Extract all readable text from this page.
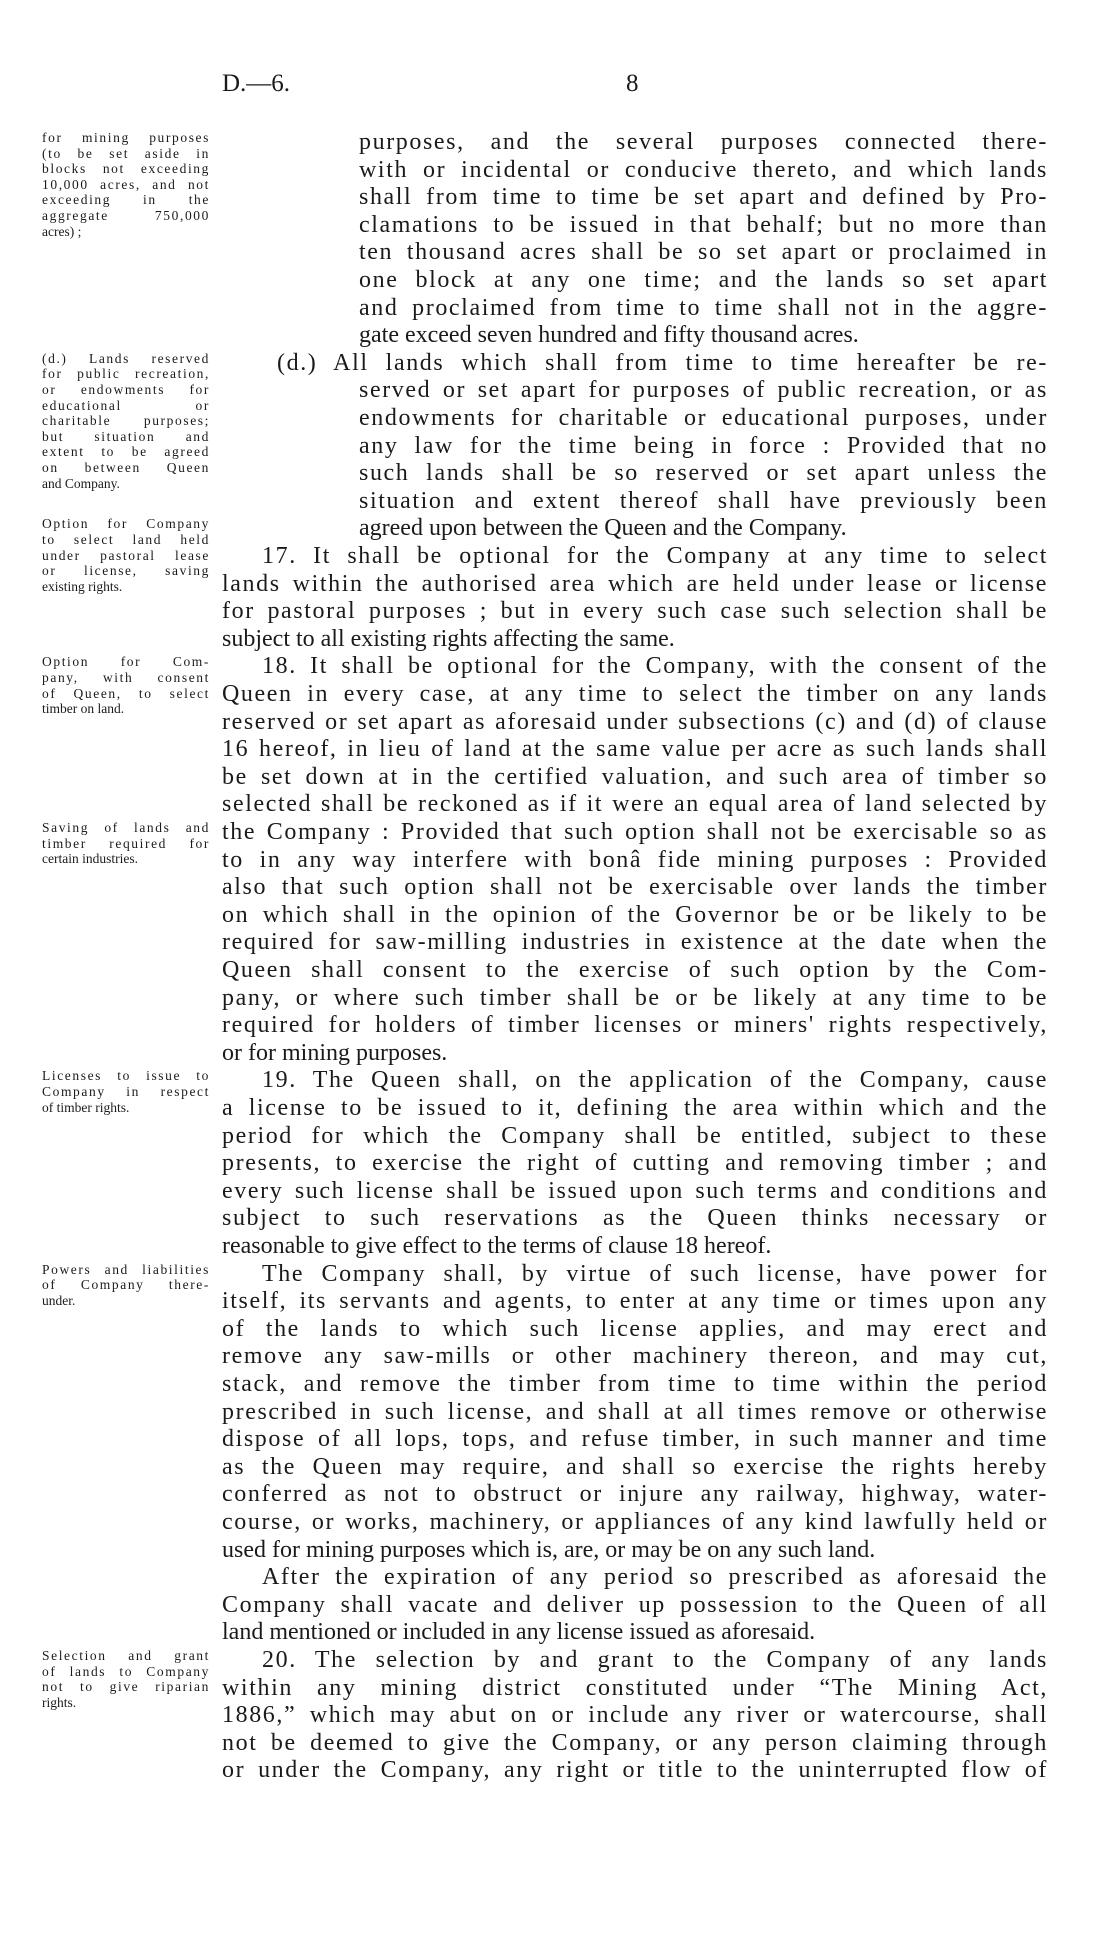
D.—6.	8
for mining purposes
(to be set aside in
blocks not exceeding
10,000 acres, and not
exceeding in the
aggregate 750,000
acres) ;
(d.) Lands reserved
for public recreation,
or endowments for
educational or
charitable purposes;
but situation and
extent to be agreed
on between Queen
and Company.
Option for Company
to select land held
under pastoral lease
or license, saving
existing rights.
Option for Com-
pany, with consent
of Queen, to select
timber on land.
Saving of lands and
timber required for
certain industries.
Licenses to issue to
Company in respect
of timber rights.
Powers and liabilities
of Company there-
under.
Selection and grant
of lands to Company
not to give riparian
rights.
purposes, and the several purposes connected there-
with or incidental or conducive thereto, and which lands
shall from time to time be set apart and defined by Pro-
clamations to be issued in that behalf; but no more than
ten thousand acres shall be so set apart or proclaimed in
one block at any one time; and the lands so set apart
and proclaimed from time to time shall not in the aggre-
gate exceed seven hundred and fifty thousand acres.
(d.) All lands which shall from time to time hereafter be re-
served or set apart for purposes of public recreation, or as
endowments for charitable or educational purposes, under
any law for the time being in force : Provided that no
such lands shall be so reserved or set apart unless the
situation and extent thereof shall have previously been
agreed upon between the Queen and the Company.
17. It shall be optional for the Company at any time to select
lands within the authorised area which are held under lease or license
for pastoral purposes ; but in every such case such selection shall be
subject to all existing rights affecting the same.
18. It shall be optional for the Company, with the consent of the
Queen in every case, at any time to select the timber on any lands
reserved or set apart as aforesaid under subsections (c) and (d) of clause
16 hereof, in lieu of land at the same value per acre as such lands shall
be set down at in the certified valuation, and such area of timber so
selected shall be reckoned as if it were an equal area of land selected by
the Company : Provided that such option shall not be exercisable so as
to in any way interfere with bonâ fide mining purposes : Provided
also that such option shall not be exercisable over lands the timber
on which shall in the opinion of the Governor be or be likely to be
required for saw-milling industries in existence at the date when the
Queen shall consent to the exercise of such option by the Com-
pany, or where such timber shall be or be likely at any time to be
required for holders of timber licenses or miners' rights respectively,
or for mining purposes.
19. The Queen shall, on the application of the Company, cause
a license to be issued to it, defining the area within which and the
period for which the Company shall be entitled, subject to these
presents, to exercise the right of cutting and removing timber ; and
every such license shall be issued upon such terms and conditions and
subject to such reservations as the Queen thinks necessary or
reasonable to give effect to the terms of clause 18 hereof.
The Company shall, by virtue of such license, have power for
itself, its servants and agents, to enter at any time or times upon any
of the lands to which such license applies, and may erect and
remove any saw-mills or other machinery thereon, and may cut,
stack, and remove the timber from time to time within the period
prescribed in such license, and shall at all times remove or otherwise
dispose of all lops, tops, and refuse timber, in such manner and time
as the Queen may require, and shall so exercise the rights hereby
conferred as not to obstruct or injure any railway, highway, water-
course, or works, machinery, or appliances of any kind lawfully held or
used for mining purposes which is, are, or may be on any such land.
After the expiration of any period so prescribed as aforesaid the
Company shall vacate and deliver up possession to the Queen of all
land mentioned or included in any license issued as aforesaid.
20. The selection by and grant to the Company of any lands
within any mining district constituted under “The Mining Act,
1886,” which may abut on or include any river or watercourse, shall
not be deemed to give the Company, or any person claiming through
or under the Company, any right or title to the uninterrupted flow of
